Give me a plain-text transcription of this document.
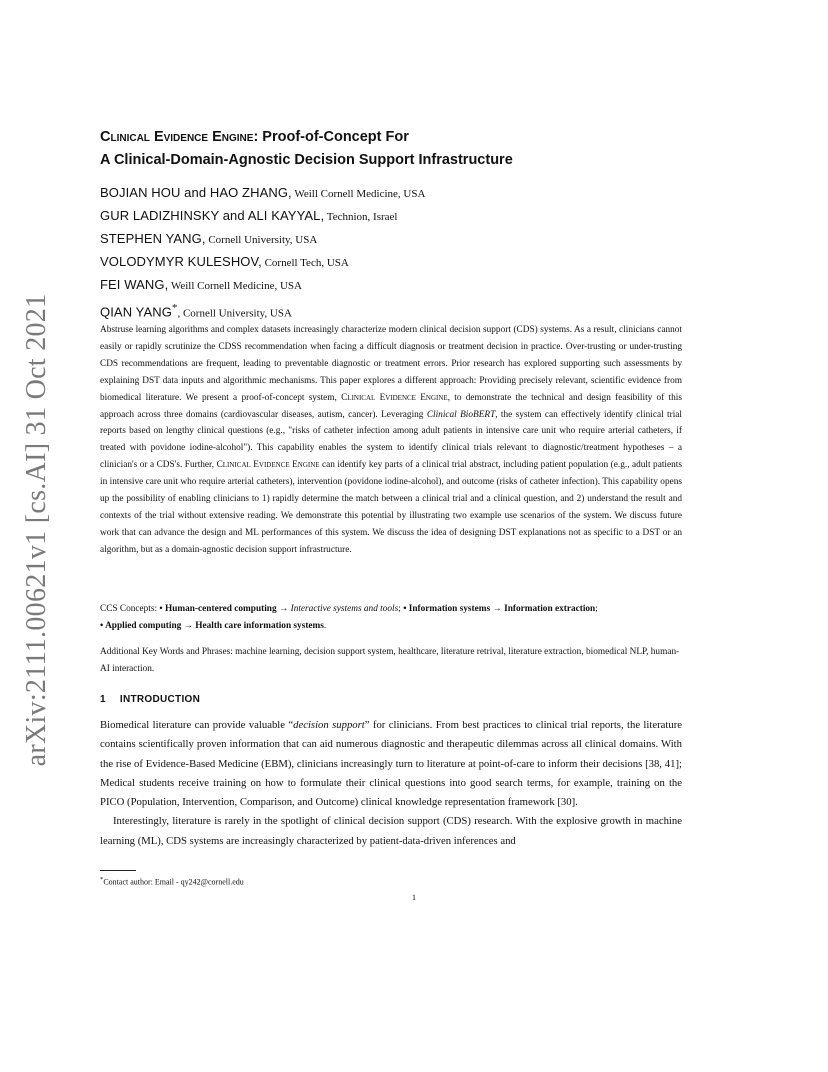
arXiv:2111.00621v1 [cs.AI] 31 Oct 2021
Clinical Evidence Engine: Proof-of-Concept For
A Clinical-Domain-Agnostic Decision Support Infrastructure

BOJIAN HOU and HAO ZHANG, Weill Cornell Medicine, USA

GUR LADIZHINSKY and ALI KAYYAL, Technion, Israel

STEPHEN YANG, Cornell University, USA

VOLODYMYR KULESHOV, Cornell Tech, USA

FEI WANG, Weill Cornell Medicine, USA

QIAN YANG*, Cornell University, USA

Abstruse learning algorithms and complex datasets increasingly characterize modern clinical decision support (CDS) systems. As a result, clinicians cannot easily or rapidly scrutinize the CDSS recommendation when facing a difficult diagnosis or treatment decision in practice. Over-trusting or under-trusting CDS recommendations are frequent, leading to preventable diagnostic or treatment errors. Prior research has explored supporting such assessments by explaining DST data inputs and algorithmic mechanisms. This paper explores a different approach: Providing precisely relevant, scientific evidence from biomedical literature. We present a proof-of-concept system, Clinical Evidence Engine, to demonstrate the technical and design feasibility of this approach across three domains (cardiovascular diseases, autism, cancer). Leveraging Clinical BioBERT, the system can effectively identify clinical trial reports based on lengthy clinical questions (e.g., "risks of catheter infection among adult patients in intensive care unit who require arterial catheters, if treated with povidone iodine-alcohol"). This capability enables the system to identify clinical trials relevant to diagnostic/treatment hypotheses – a clinician's or a CDS's. Further, Clinical Evidence Engine can identify key parts of a clinical trial abstract, including patient population (e.g., adult patients in intensive care unit who require arterial catheters), intervention (povidone iodine-alcohol), and outcome (risks of catheter infection). This capability opens up the possibility of enabling clinicians to 1) rapidly determine the match between a clinical trial and a clinical question, and 2) understand the result and contexts of the trial without extensive reading. We demonstrate this potential by illustrating two example use scenarios of the system. We discuss future work that can advance the design and ML performances of this system. We discuss the idea of designing DST explanations not as specific to a DST or an algorithm, but as a domain-agnostic decision support infrastructure.

CCS Concepts: • Human-centered computing → Interactive systems and tools; • Information systems → Information extraction;
• Applied computing → Health care information systems.

Additional Key Words and Phrases: machine learning, decision support system, healthcare, literature retrival, literature extraction, biomedical NLP, human-AI interaction.

1 INTRODUCTION

Biomedical literature can provide valuable “decision support” for clinicians. From best practices to clinical trial reports, the literature contains scientifically proven information that can aid numerous diagnostic and therapeutic dilemmas across all clinical domains. With the rise of Evidence-Based Medicine (EBM), clinicians increasingly turn to literature at point-of-care to inform their decisions [38, 41]; Medical students receive training on how to formulate their clinical questions into good search terms, for example, training on the PICO (Population, Intervention, Comparison, and Outcome) clinical knowledge representation framework [30].

Interestingly, literature is rarely in the spotlight of clinical decision support (CDS) research. With the explosive growth in machine learning (ML), CDS systems are increasingly characterized by patient-data-driven inferences and

*Contact author: Email - qy242@cornell.edu
1
